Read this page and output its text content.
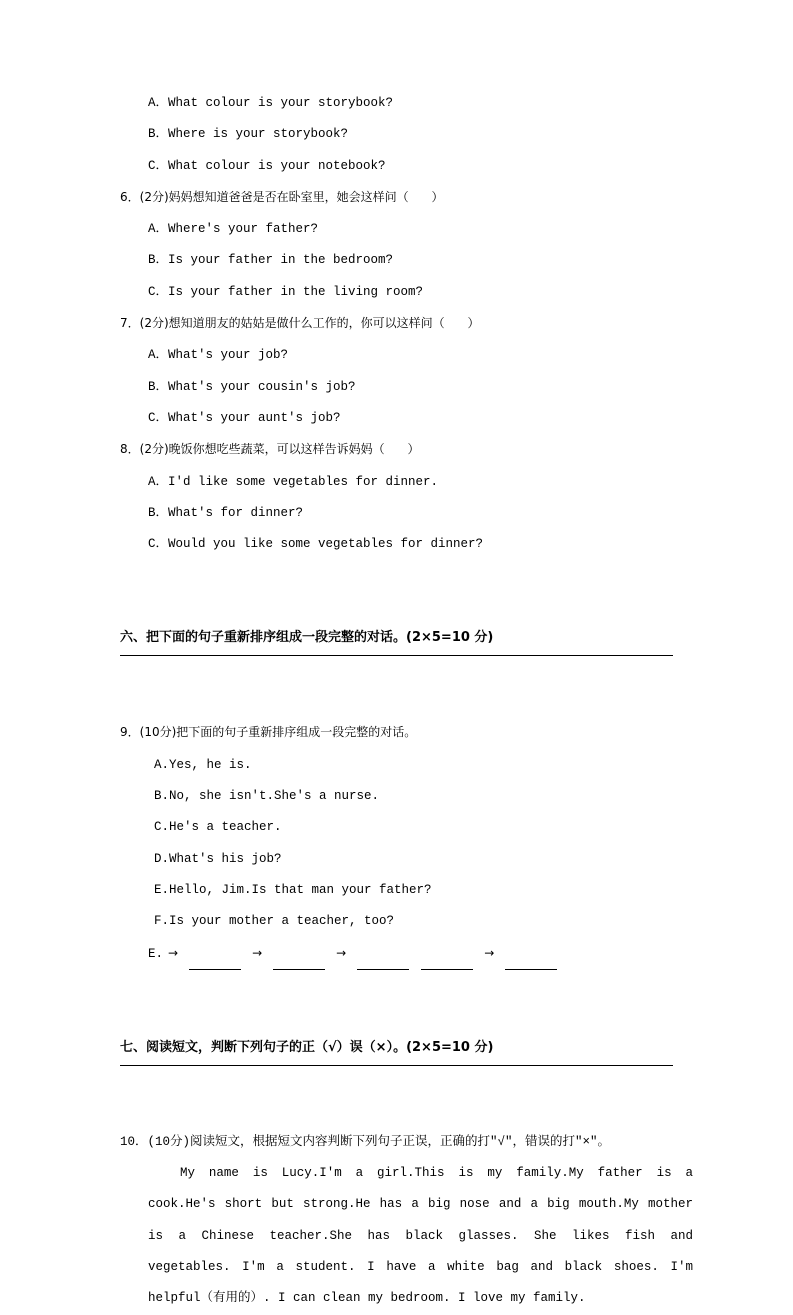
A．What colour is your storybook?
B．Where is your storybook?
C．What colour is your notebook?
6．(2分)妈妈想知道爸爸是否在卧室里，她会这样问（      ）
A．Where's your father?
B．Is your father in the bedroom?
C．Is your father in the living room?
7．(2分)想知道朋友的姑姑是做什么工作的，你可以这样问（      ）
A．What's your job?
B．What's your cousin's job?
C．What's your aunt's job?
8．(2分)晚饭你想吃些蔬菜，可以这样告诉妈妈（      ）
A．I'd like some vegetables for dinner.
B．What's for dinner?
C．Would you like some vegetables for dinner?

六、把下面的句子重新排序组成一段完整的对话。(2×5=10 分)

9．(10分)把下面的句子重新排序组成一段完整的对话。
A.Yes, he is.
B.No, she isn't.She's a nurse.
C.He's a teacher.
D.What's his job?
E.Hello, Jim.Is that man your father?
F.Is your mother a teacher, too?
E. →	→	→	→

七、阅读短文，判断下列句子的正（√）误（×）。(2×5=10 分)

10．(10分)阅读短文，根据短文内容判断下列句子正误，正确的打"√"，错误的打"×"。
My name is Lucy.I'm a girl.This is my family.My father is a cook.He's short but strong.He has a big nose and a big mouth.My mother is a Chinese teacher.She has black glasses. She likes fish and vegetables. I'm a student. I have a white bag and black shoes. I'm helpful（有用的）. I can clean my bedroom. I love my family.
